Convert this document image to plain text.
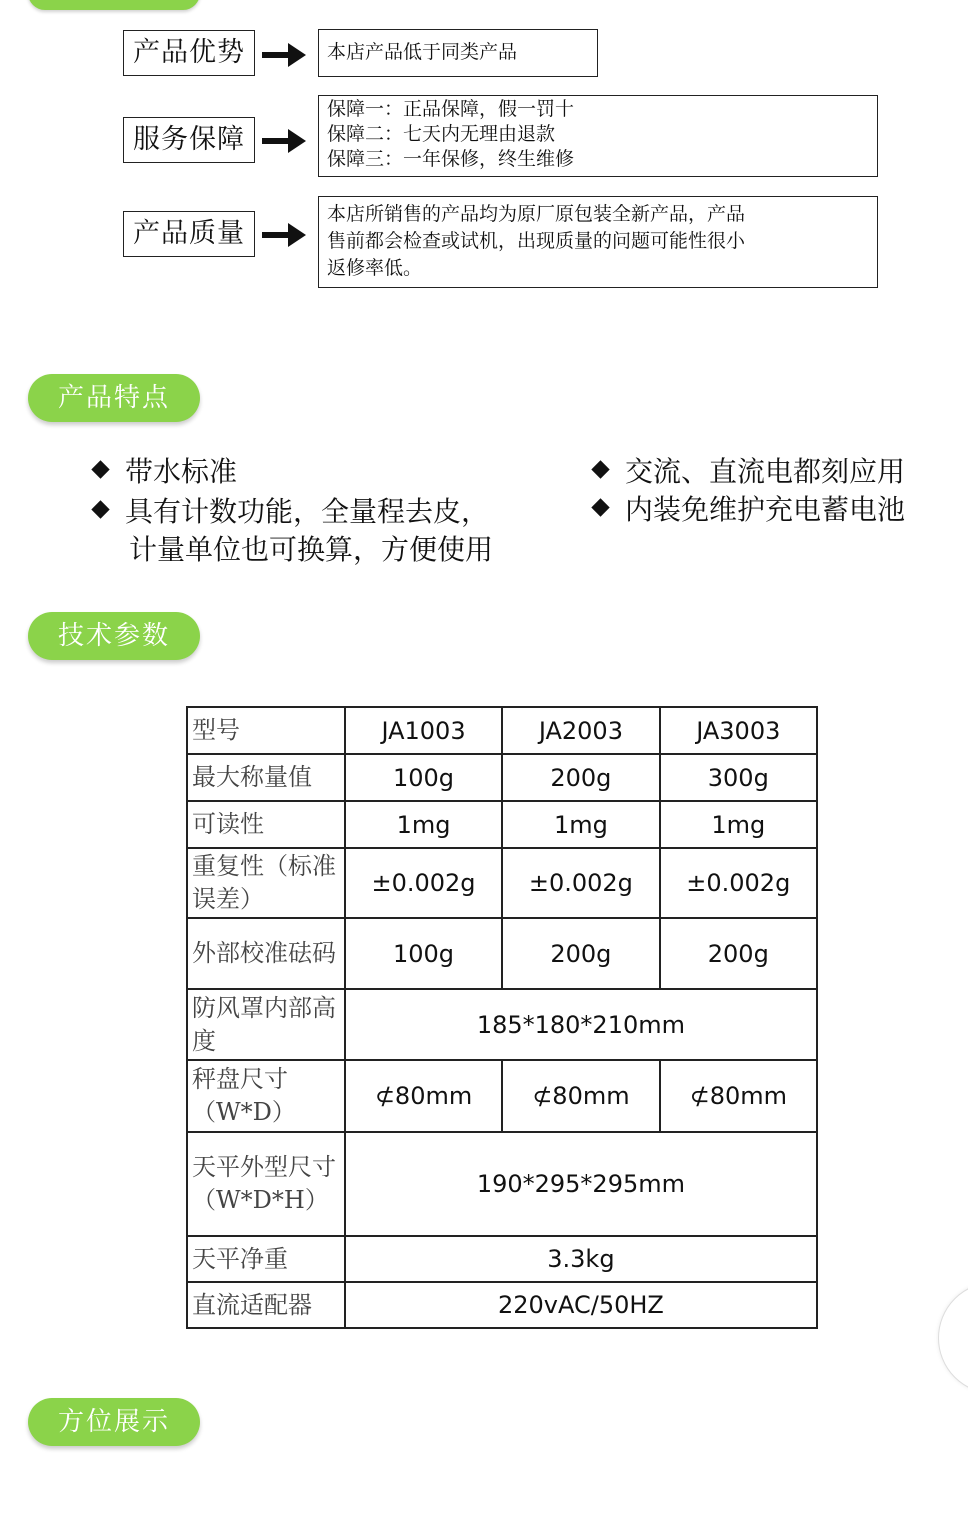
产品优势	本店产品低于同类产品
服务保障
保障一：正品保障，假一罚十
保障二：七天内无理由退款
保障三：一年保修，终生维修
产品质量
本店所销售的产品均为原厂原包装全新产品，产品
售前都会检查或试机，出现质量的问题可能性很小
返修率低。
产品特点
带水标准
具有计数功能，全量程去皮，
计量单位也可换算，方便使用
交流、直流电都刻应用
内装免维护充电蓄电池
技术参数
型号	JA1003	JA2003	JA3003
最大称量值	100g	200g	300g
可读性	1mg	1mg	1mg
重复性（标准误差）	±0.002g	±0.002g	±0.002g
外部校准砝码	100g	200g	200g
防风罩内部高度	185*180*210mm		
秤盘尺寸（W*D）	⊄80mm	⊄80mm	⊄80mm
天平外型尺寸（W*D*H）	190*295*295mm		
天平净重	3.3kg		
直流适配器	220vAC/50HZ		
方位展示
